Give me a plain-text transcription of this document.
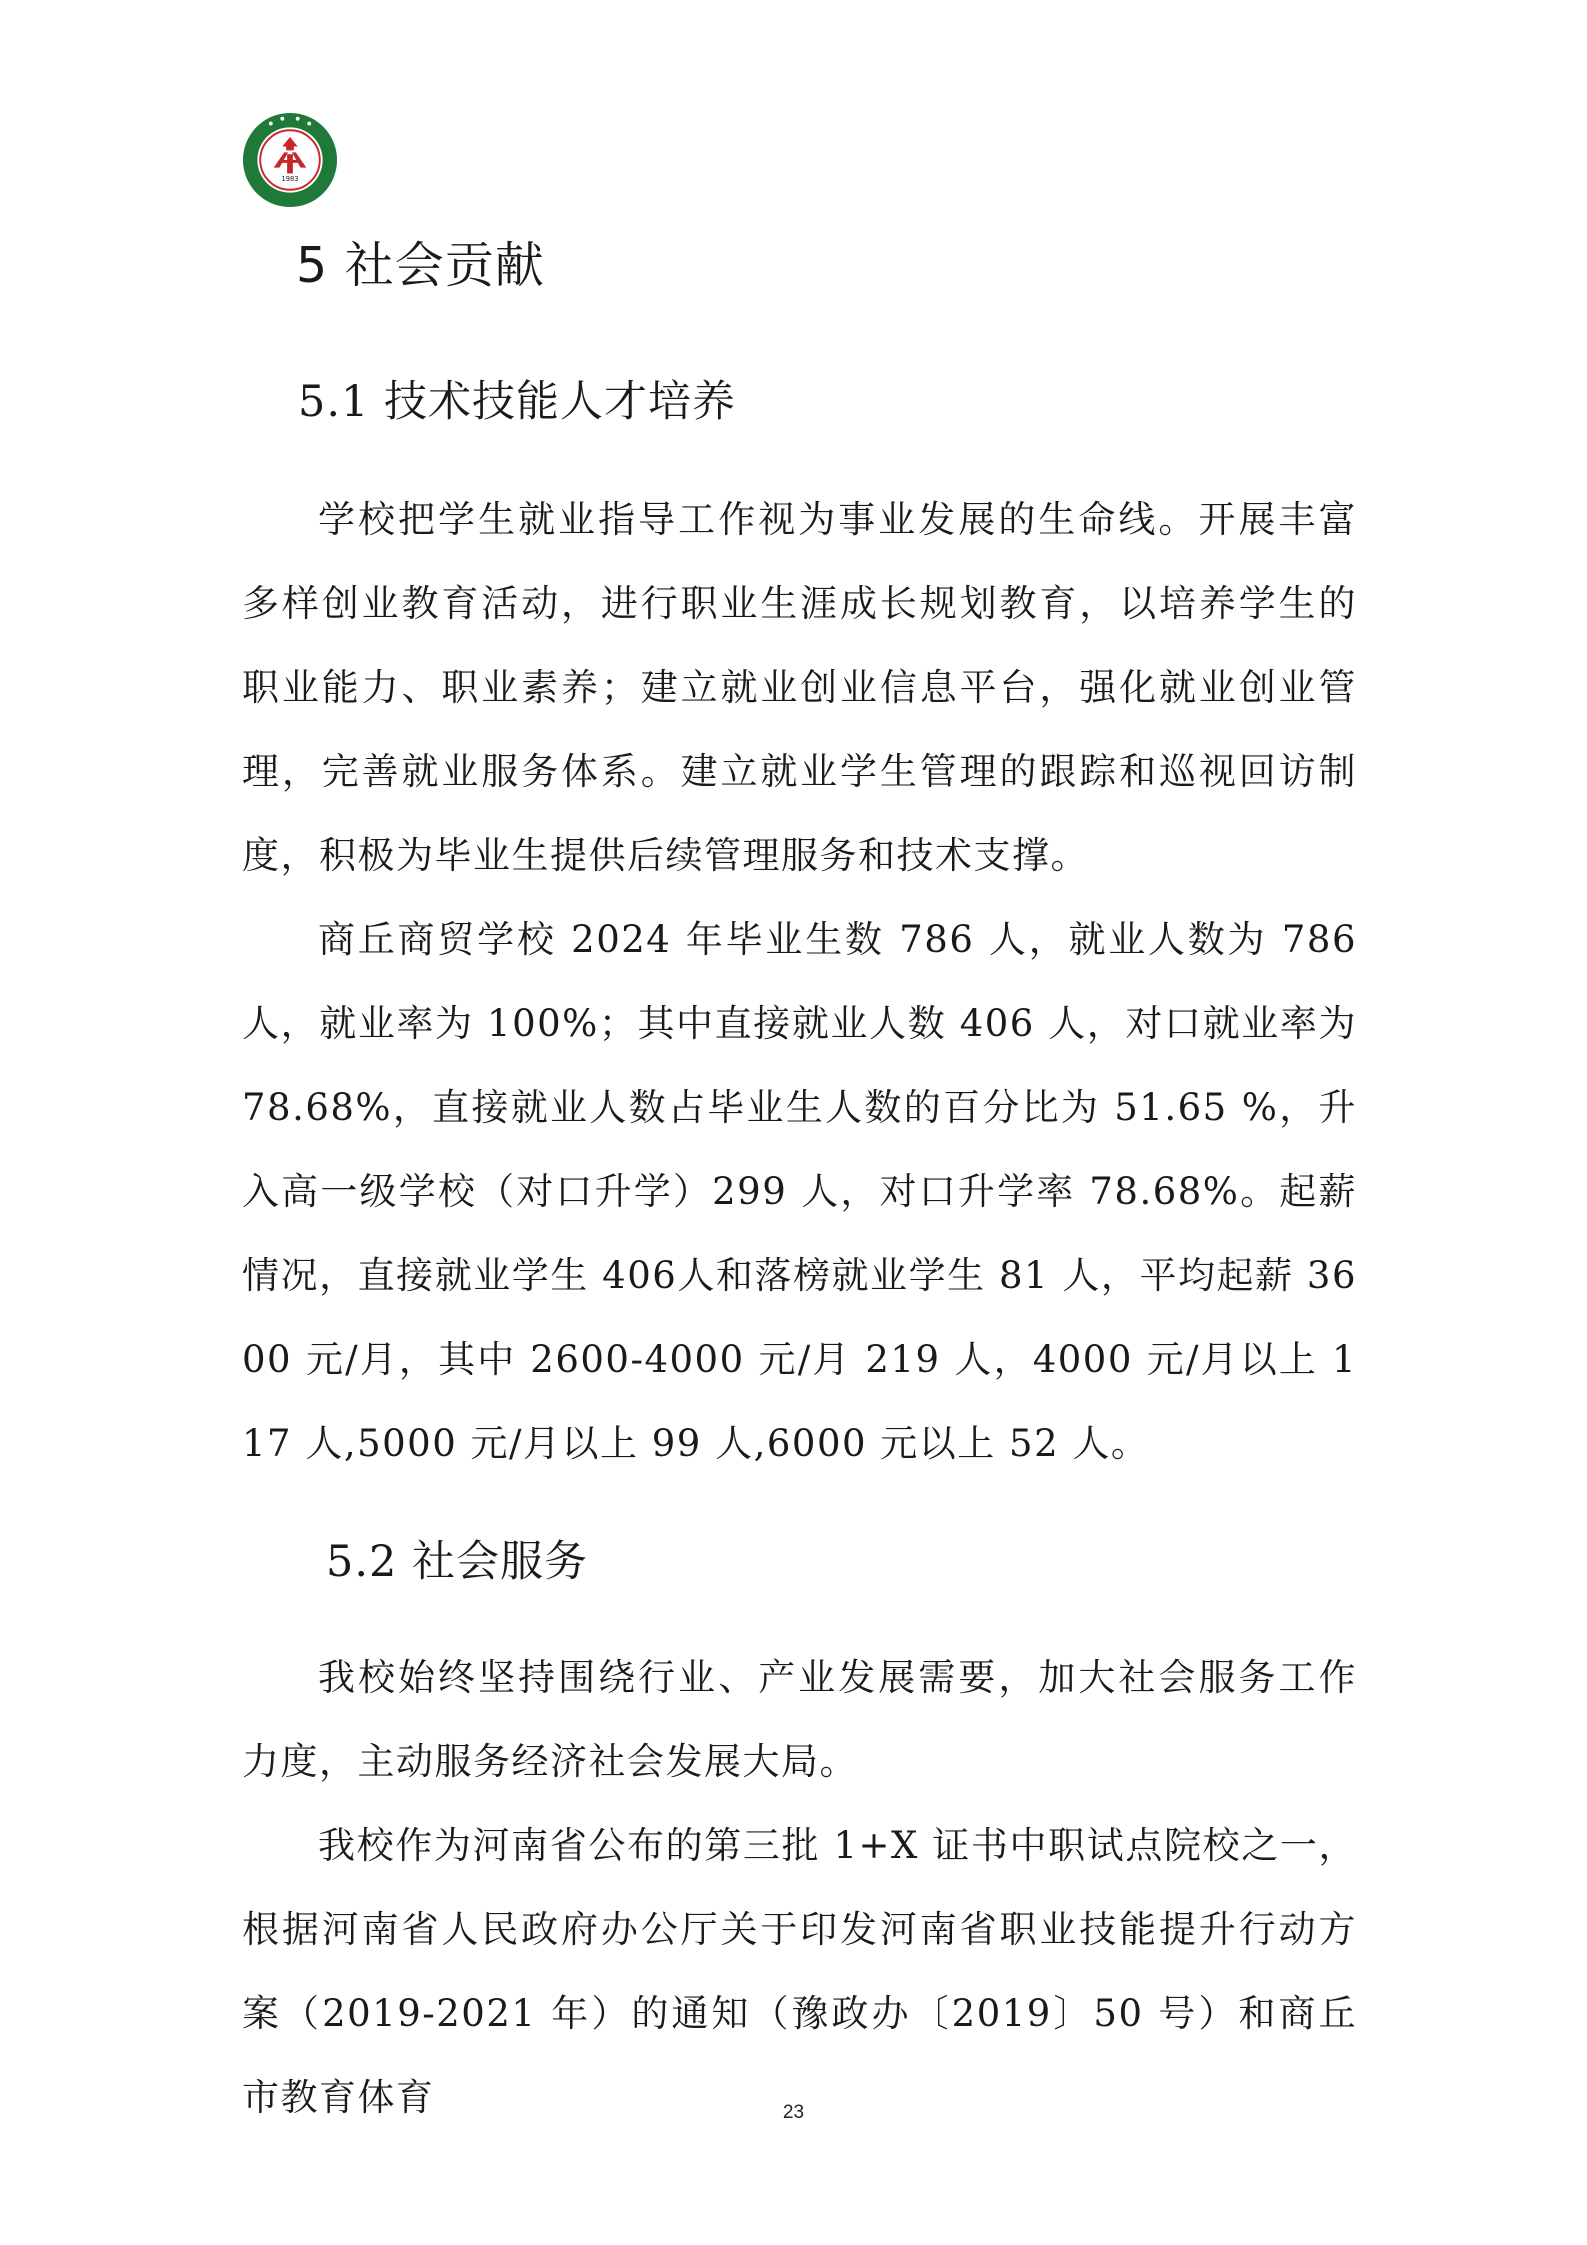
1983
5 社会贡献
5.1 技术技能人才培养

学校把学生就业指导工作视为事业发展的生命线。开展丰富多样创业教育活动，进行职业生涯成长规划教育，以培养学生的职业能力、职业素养；建立就业创业信息平台，强化就业创业管理，完善就业服务体系。建立就业学生管理的跟踪和巡视回访制度，积极为毕业生提供后续管理服务和技术支撑。

商丘商贸学校 2024 年毕业生数 786 人，就业人数为 786 人，就业率为 100%；其中直接就业人数 406 人，对口就业率为 78.68%，直接就业人数占毕业生人数的百分比为 51.65 %，升入高一级学校（对口升学）299 人，对口升学率 78.68%。起薪情况，直接就业学生 406人和落榜就业学生 81 人，平均起薪 3600 元/月，其中 2600-4000 元/月 219 人，4000 元/月以上 117 人,5000 元/月以上 99 人,6000 元以上 52 人。

5.2 社会服务

我校始终坚持围绕行业、产业发展需要，加大社会服务工作力度，主动服务经济社会发展大局。

我校作为河南省公布的第三批 1+X 证书中职试点院校之一，根据河南省人民政府办公厅关于印发河南省职业技能提升行动方案（2019-2021 年）的通知（豫政办〔2019〕50 号）和商丘市教育体育	23
